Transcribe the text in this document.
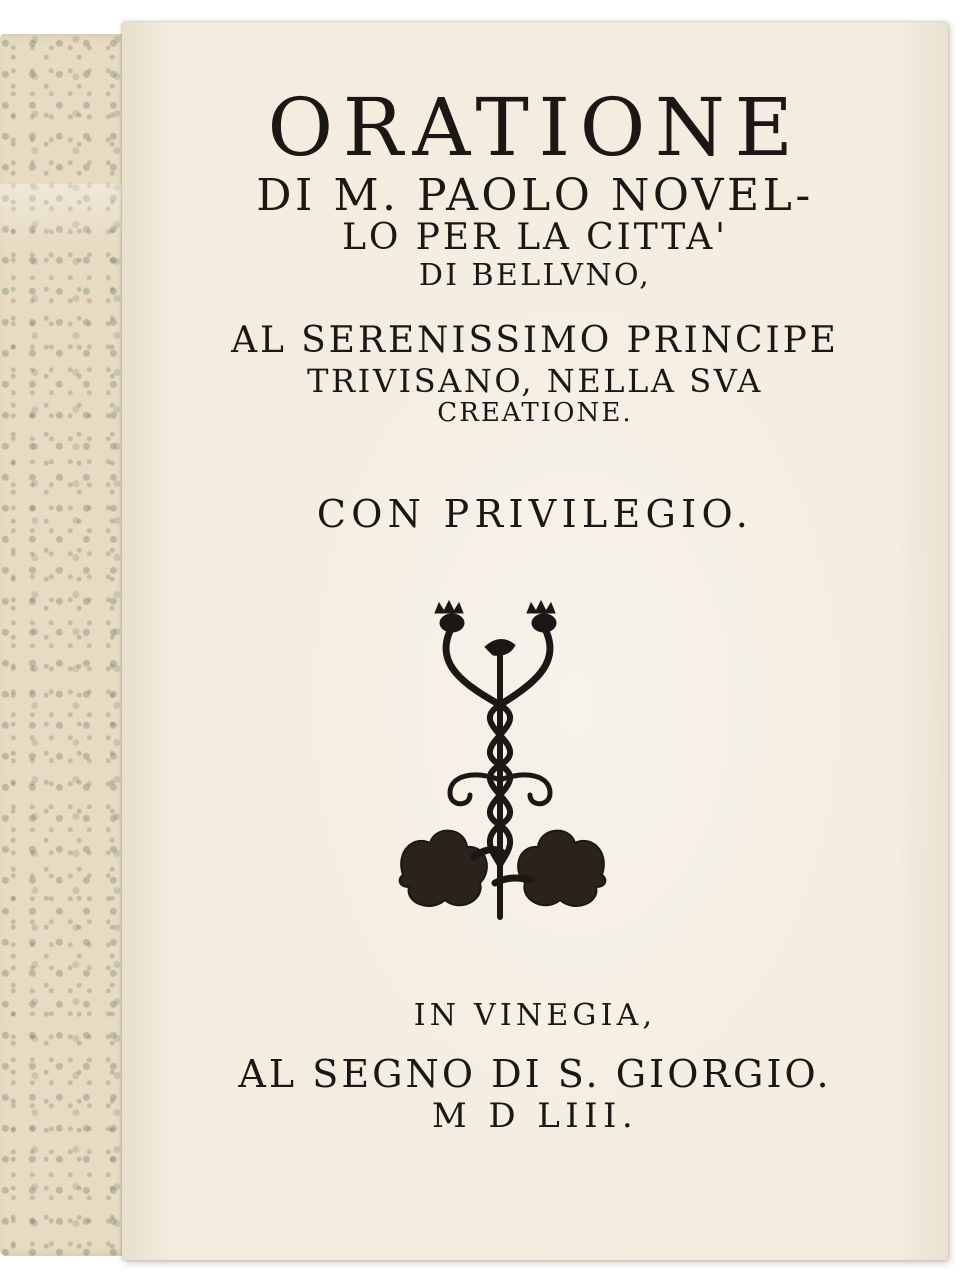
ORATIONE
DI M. PAOLO NOVEL-
LO PER LA CITTA'
DI BELLVNO,
AL SERENISSIMO PRINCIPE
TRIVISANO, NELLA SVA
CREATIONE.
CON PRIVILEGIO.
IN VINEGIA,
AL SEGNO DI S. GIORGIO.
M D LIII.
